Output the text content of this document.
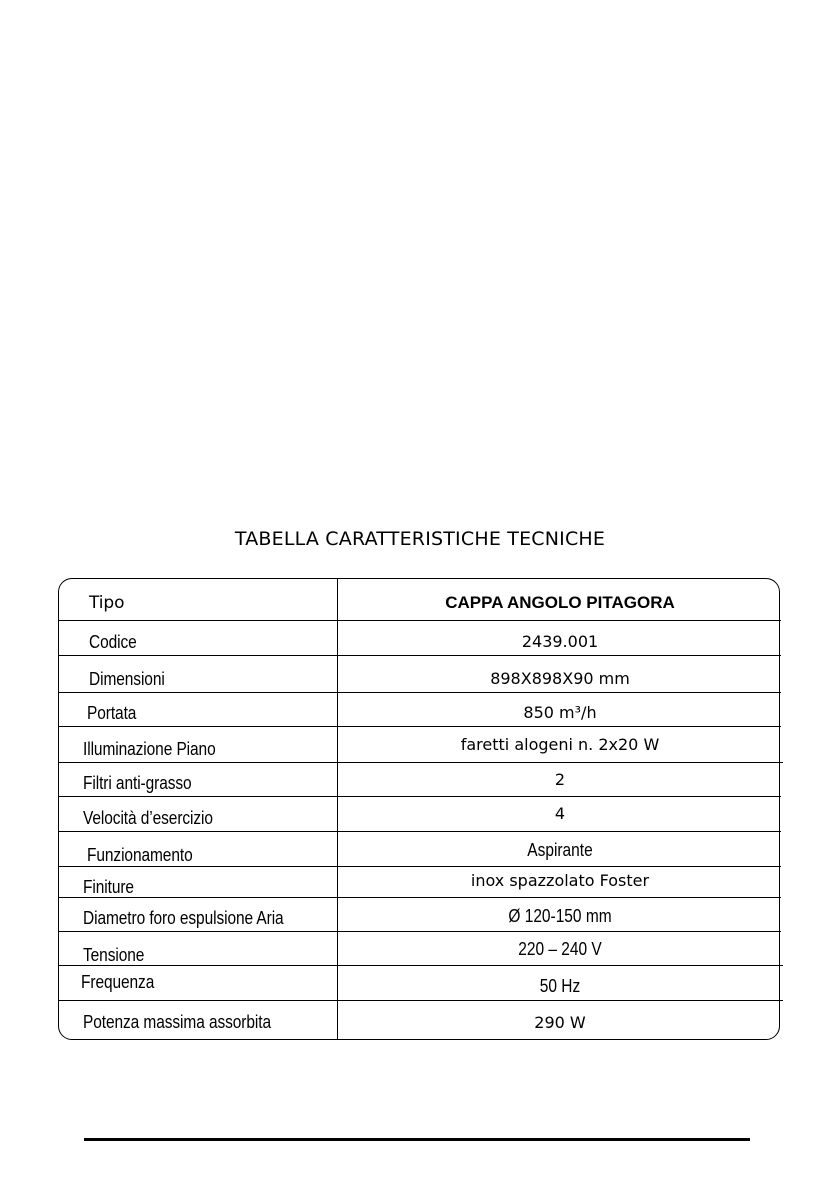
TABELLA CARATTERISTICHE TECNICHE
Tipo	CAPPA ANGOLO PITAGORA
Codice	2439.001
Dimensioni	898X898X90 mm
Portata	850 m³/h
Illuminazione Piano	faretti alogeni n. 2x20 W
Filtri anti-grasso	2
Velocità d’esercizio	4
Funzionamento	Aspirante
Finiture	inox spazzolato Foster
Diametro foro espulsione Aria	Ø 120-150 mm
Tensione	220 – 240 V
Frequenza	50 Hz
Potenza massima assorbita	290 W
